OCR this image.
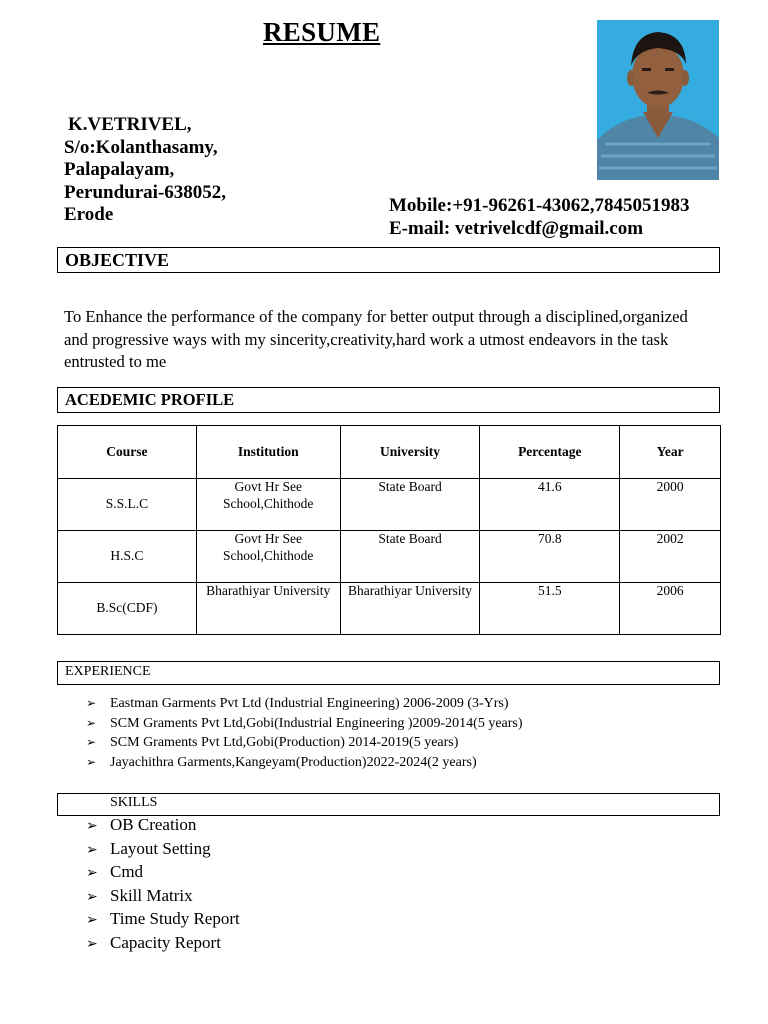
RESUME
K.VETRIVEL,
S/o:Kolanthasamy,
Palapalayam,
Perundurai-638052,
Erode	Mobile:+91-96261-43062,7845051983
E-mail: vetrivelcdf@gmail.com
OBJECTIVE
To Enhance the performance of the company for better output through a disciplined,organized and progressive ways with my sincerity,creativity,hard work a utmost endeavors in the task entrusted to me
ACEDEMIC PROFILE
Course	Institution	University	Percentage	Year
S.S.L.C	Govt Hr See School,Chithode	State Board	41.6	2000
H.S.C	Govt Hr See School,Chithode	State Board	70.8	2002
B.Sc(CDF)	Bharathiyar University	Bharathiyar University	51.5	2006
EXPERIENCE
➢ Eastman Garments Pvt Ltd (Industrial Engineering) 2006-2009 (3-Yrs)
➢ SCM Graments Pvt Ltd,Gobi(Industrial Engineering )2009-2014(5 years)
➢ SCM Graments Pvt Ltd,Gobi(Production) 2014-2019(5 years)
➢ Jayachithra Garments,Kangeyam(Production)2022-2024(2 years)
SKILLS
➢ OB Creation
➢ Layout Setting
➢ Cmd
➢ Skill Matrix
➢ Time Study Report
➢ Capacity Report
